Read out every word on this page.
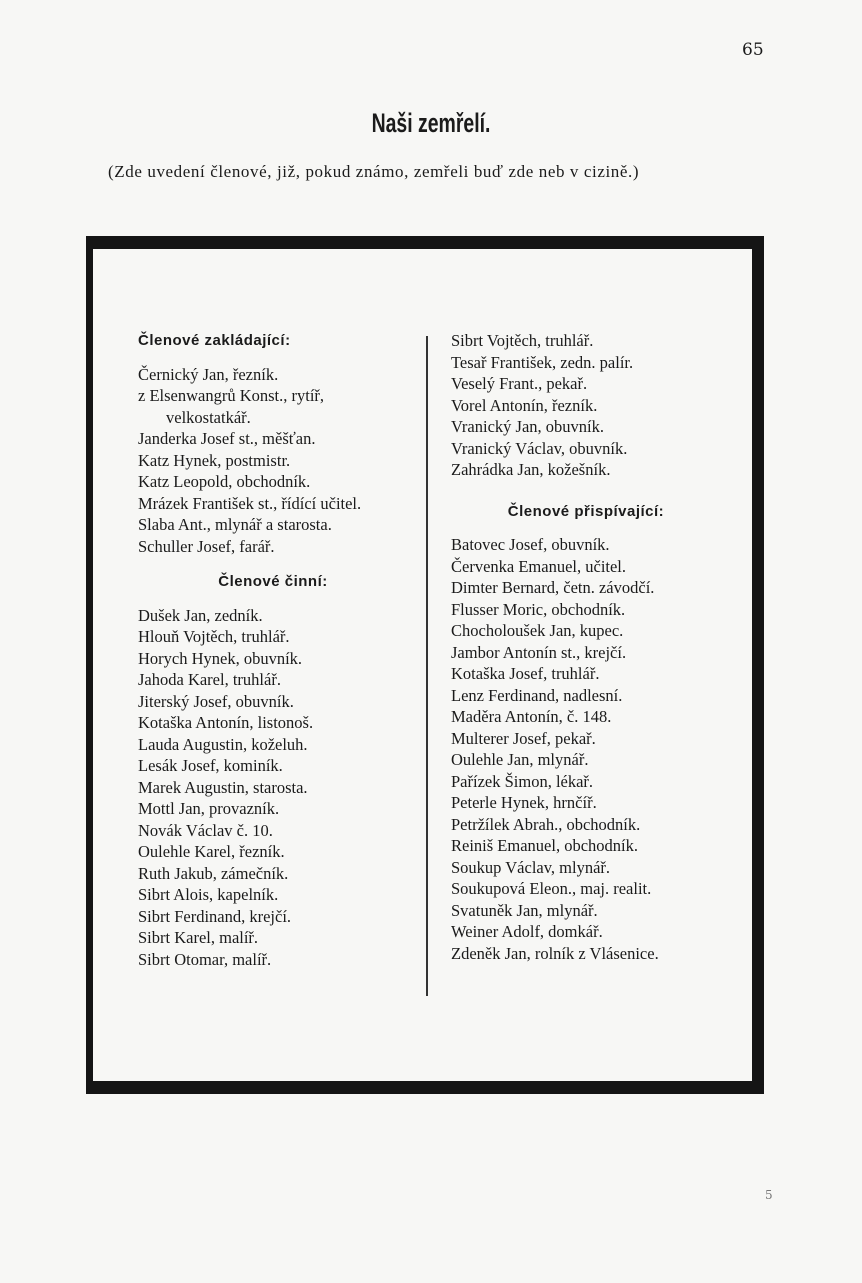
65
Naši zemřelí.
(Zde uvedení členové, již, pokud známo, zemřeli buď zde neb v cizině.)
Členové zakládající:
Černický Jan, řezník.
z Elsenwangrů Konst., rytíř, velkostatkář.
Janderka Josef st., měšťan.
Katz Hynek, postmistr.
Katz Leopold, obchodník.
Mrázek František st., řídící učitel.
Slaba Ant., mlynář a starosta.
Schuller Josef, farář.
Členové činní:
Dušek Jan, zedník.
Hlouň Vojtěch, truhlář.
Horych Hynek, obuvník.
Jahoda Karel, truhlář.
Jiterský Josef, obuvník.
Kotaška Antonín, listonoš.
Lauda Augustin, koželuh.
Lesák Josef, kominík.
Marek Augustin, starosta.
Mottl Jan, provazník.
Novák Václav č. 10.
Oulehle Karel, řezník.
Ruth Jakub, zámečník.
Sibrt Alois, kapelník.
Sibrt Ferdinand, krejčí.
Sibrt Karel, malíř.
Sibrt Otomar, malíř.
Sibrt Vojtěch, truhlář.
Tesař František, zedn. palír.
Veselý Frant., pekař.
Vorel Antonín, řezník.
Vranický Jan, obuvník.
Vranický Václav, obuvník.
Zahrádka Jan, kožešník.
Členové přispívající:
Batovec Josef, obuvník.
Červenka Emanuel, učitel.
Dimter Bernard, četn. závodčí.
Flusser Moric, obchodník.
Chocholoušek Jan, kupec.
Jambor Antonín st., krejčí.
Kotaška Josef, truhlář.
Lenz Ferdinand, nadlesní.
Maděra Antonín, č. 148.
Multerer Josef, pekař.
Oulehle Jan, mlynář.
Pařízek Šimon, lékař.
Peterle Hynek, hrnčíř.
Petržílek Abrah., obchodník.
Reiniš Emanuel, obchodník.
Soukup Václav, mlynář.
Soukupová Eleon., maj. realit.
Svatuněk Jan, mlynář.
Weiner Adolf, domkář.
Zdeněk Jan, rolník z Vlásenice.
5
